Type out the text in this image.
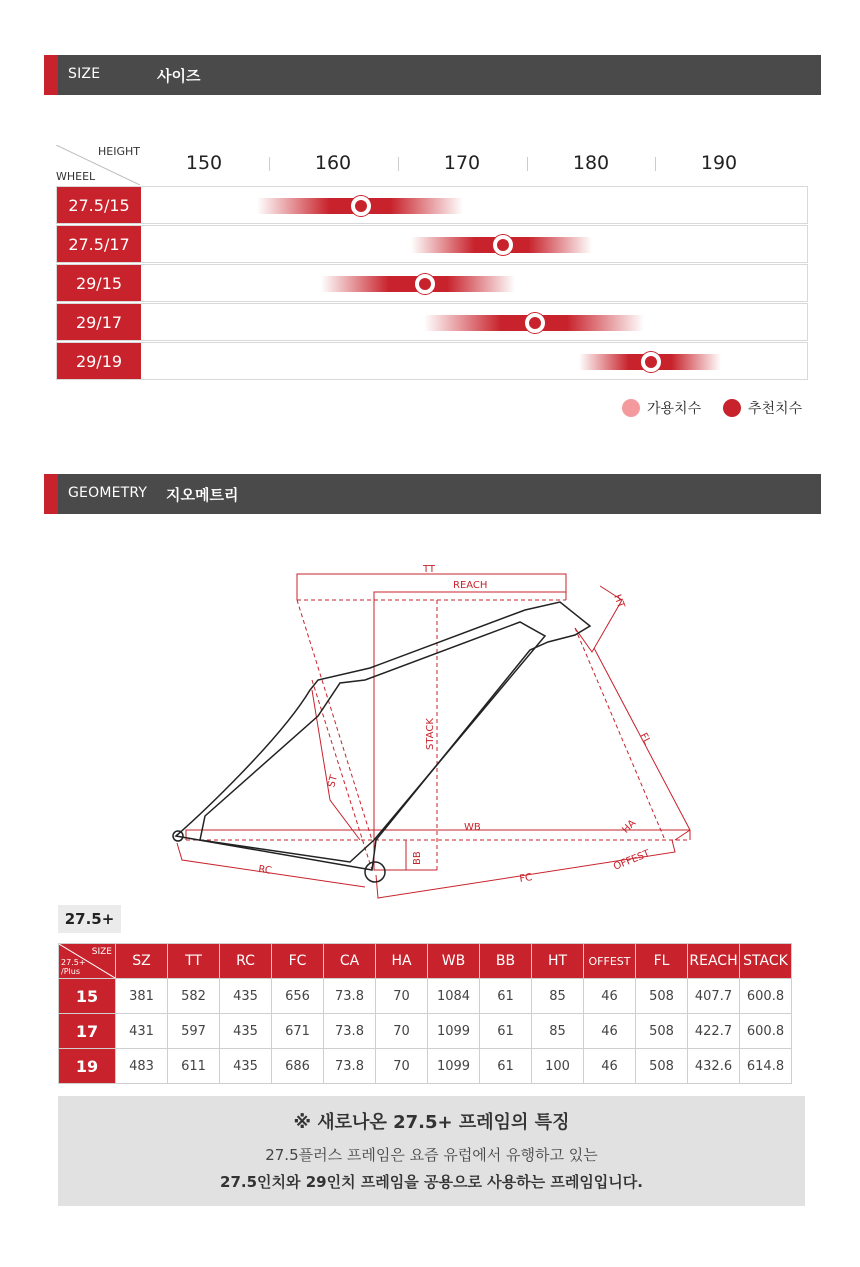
SIZE	사이즈
HEIGHT
WHEEL
150	160	170	180	190
27.5/15
27.5/17
29/15
29/17
29/19
가용치수	추천치수
GEOMETRY 지오메트리
TT
REACH
HT
STACK	FL
ST
WB	HA
BB
RC
FC
OFFEST
27.5+
SIZE
27.5+ /Plus	SZ	TT	RC	FC	CA	HA	WB	BB	HT	OFFEST	FL	REACH	STACK
15	381	582	435	656	73.8	70	1084	61	85	46	508	407.7	600.8
17	431	597	435	671	73.8	70	1099	61	85	46	508	422.7	600.8
19	483	611	435	686	73.8	70	1099	61	100	46	508	432.6	614.8
※ 새로나온 27.5+ 프레임의 특징
27.5플러스 프레임은 요즘 유럽에서 유행하고 있는
27.5인치와 29인치 프레임을 공용으로 사용하는 프레임입니다.
